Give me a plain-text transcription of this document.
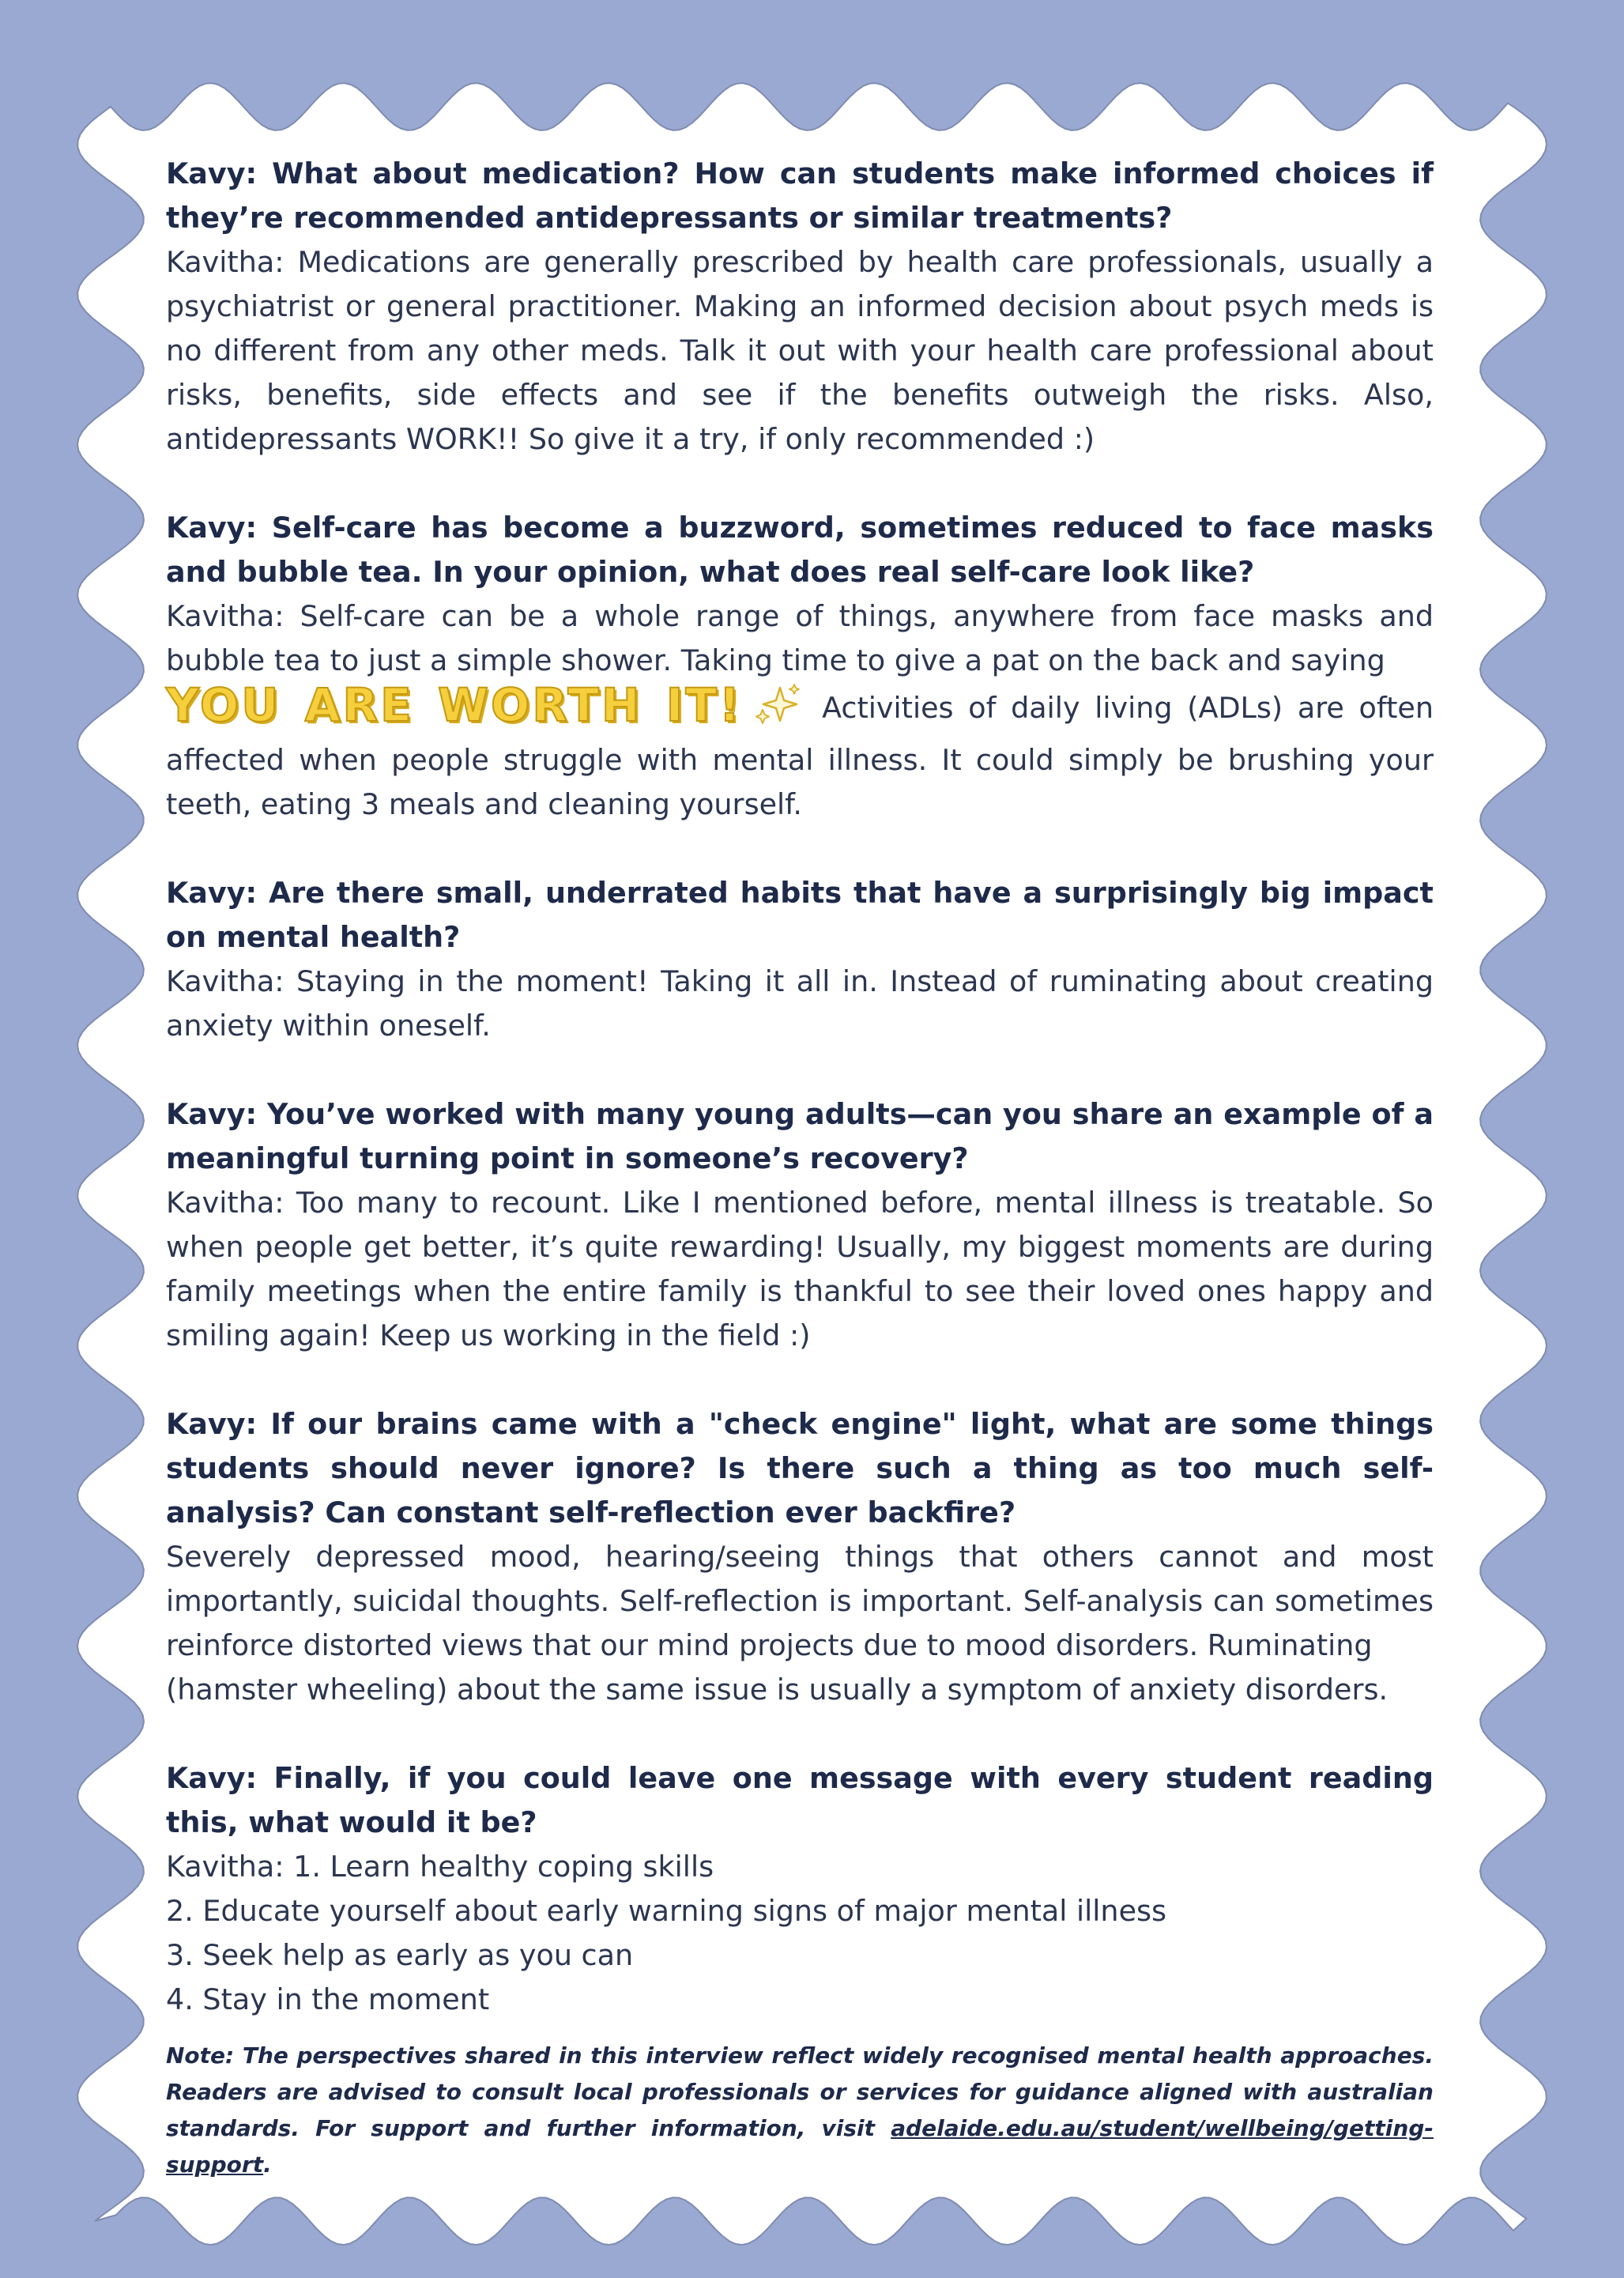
Kavy: What about medication? How can students make informed choices if they’re recommended antidepressants or similar treatments?
Kavitha: Medications are generally prescribed by health care professionals, usually a psychiatrist or general practitioner. Making an informed decision about psych meds is no different from any other meds. Talk it out with your health care professional about risks, benefits, side effects and see if the benefits outweigh the risks. Also, antidepressants WORK!! So give it a try, if only recommended :)
Kavy: Self-care has become a buzzword, sometimes reduced to face masks and bubble tea. In your opinion, what does real self-care look like?
Kavitha: Self-care can be a whole range of things, anywhere from face masks and bubble tea to just a simple shower. Taking time to give a pat on the back and saying
YOU ARE WORTH IT!	Activities of daily living (ADLs) are often affected when people struggle with mental illness. It could simply be brushing your teeth, eating 3 meals and cleaning yourself.
Kavy: Are there small, underrated habits that have a surprisingly big impact on mental health?
Kavitha: Staying in the moment! Taking it all in. Instead of ruminating about creating anxiety within oneself.
Kavy: You’ve worked with many young adults—can you share an example of a meaningful turning point in someone’s recovery?
Kavitha: Too many to recount. Like I mentioned before, mental illness is treatable. So when people get better, it’s quite rewarding! Usually, my biggest moments are during family meetings when the entire family is thankful to see their loved ones happy and smiling again! Keep us working in the field :)
Kavy: If our brains came with a "check engine" light, what are some things students should never ignore? Is there such a thing as too much self-analysis? Can constant self-reflection ever backfire?
Severely depressed mood, hearing/seeing things that others cannot and most importantly, suicidal thoughts. Self-reflection is important. Self-analysis can sometimes reinforce distorted views that our mind projects due to mood disorders. Ruminating
(hamster wheeling) about the same issue is usually a symptom of anxiety disorders.
Kavy: Finally, if you could leave one message with every student reading this, what would it be?
Kavitha: 1. Learn healthy coping skills
2. Educate yourself about early warning signs of major mental illness
3. Seek help as early as you can
4. Stay in the moment
Note: The perspectives shared in this interview reflect widely recognised mental health approaches. Readers are advised to consult local professionals or services for guidance aligned with australian standards. For support and further information, visit adelaide.edu.au/student/wellbeing/getting-support.
